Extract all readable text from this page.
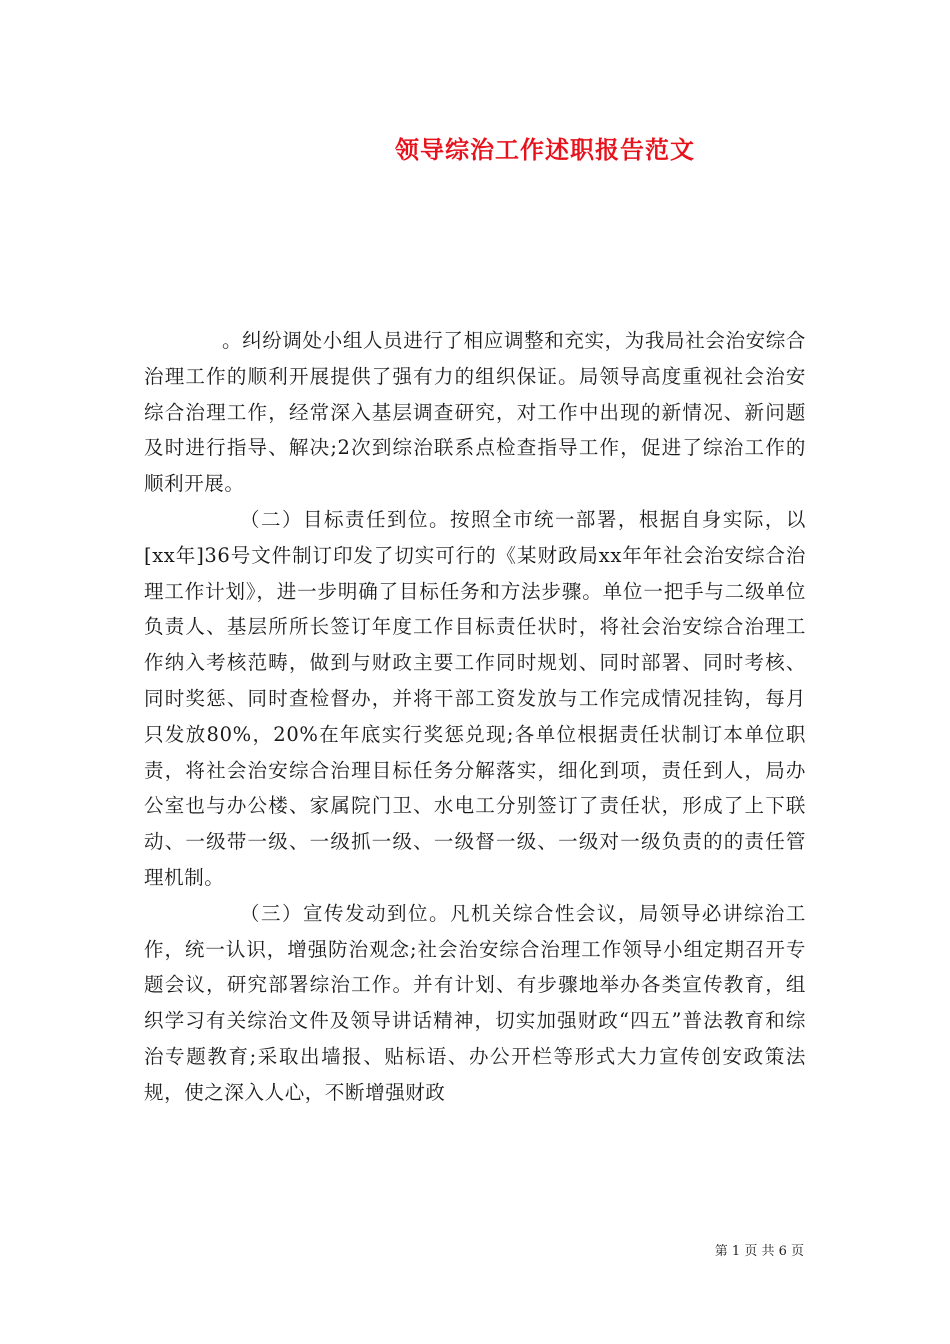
领导综治工作述职报告范文

。纠纷调处小组人员进行了相应调整和充实，为我局社会治安综合治理工作的顺利开展提供了强有力的组织保证。局领导高度重视社会治安综合治理工作，经常深入基层调查研究，对工作中出现的新情况、新问题及时进行指导、解决;2次到综治联系点检查指导工作，促进了综治工作的顺利开展。

（二）目标责任到位。按照全市统一部署，根据自身实际，以[xx年]36号文件制订印发了切实可行的《某财政局xx年年社会治安综合治理工作计划》，进一步明确了目标任务和方法步骤。单位一把手与二级单位负责人、基层所所长签订年度工作目标责任状时，将社会治安综合治理工作纳入考核范畴，做到与财政主要工作同时规划、同时部署、同时考核、同时奖惩、同时查检督办，并将干部工资发放与工作完成情况挂钩，每月只发放80%，20%在年底实行奖惩兑现;各单位根据责任状制订本单位职责，将社会治安综合治理目标任务分解落实，细化到项，责任到人，局办公室也与办公楼、家属院门卫、水电工分别签订了责任状，形成了上下联动、一级带一级、一级抓一级、一级督一级、一级对一级负责的的责任管理机制。

（三）宣传发动到位。凡机关综合性会议，局领导必讲综治工作，统一认识，增强防治观念;社会治安综合治理工作领导小组定期召开专题会议，研究部署综治工作。并有计划、有步骤地举办各类宣传教育，组织学习有关综治文件及领导讲话精神，切实加强财政“四五”普法教育和综治专题教育;采取出墙报、贴标语、办公开栏等形式大力宣传创安政策法规，使之深入人心，不断增强财政

第 1 页 共 6 页
